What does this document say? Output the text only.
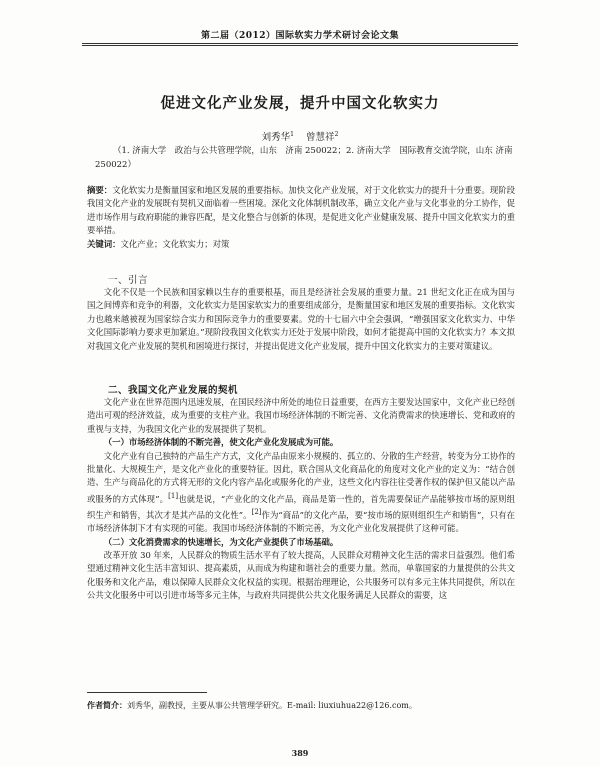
第二届（2012）国际软实力学术研讨会论文集
促进文化产业发展，提升中国文化软实力
刘秀华$^1$ 曾慧祥$^2$
（1. 济南大学　政治与公共管理学院，山东　济南 250022；2. 济南大学　国际教育交流学院，山东 济南 250022）

摘要：文化软实力是衡量国家和地区发展的重要指标。加快文化产业发展，对于文化软实力的提升十分重要。现阶段我国文化产业的发展既有契机又面临着一些困境。深化文化体制机制改革，确立文化产业与文化事业的分工协作，促进市场作用与政府职能的兼容匹配，是文化整合与创新的体现，是促进文化产业健康发展、提升中国文化软实力的重要举措。

关键词：文化产业；文化软实力；对策

一、引言

文化不仅是一个民族和国家赖以生存的重要根基，而且是经济社会发展的重要力量。21 世纪文化正在成为国与国之间博弈和竞争的利器，文化软实力是国家软实力的重要组成部分，是衡量国家和地区发展的重要指标。文化软实力也越来越被视为国家综合实力和国际竞争力的重要要素。党的十七届六中全会强调，“增强国家文化软实力、中华文化国际影响力要求更加紧迫。”现阶段我国文化软实力还处于发展中阶段，如何才能提高中国的文化软实力？本文拟对我国文化产业发展的契机和困境进行探讨，并提出促进文化产业发展，提升中国文化软实力的主要对策建议。

二、我国文化产业发展的契机

文化产业在世界范围内迅速发展，在国民经济中所处的地位日益重要，在西方主要发达国家中，文化产业已经创造出可观的经济效益，成为重要的支柱产业。我国市场经济体制的不断完善、文化消费需求的快速增长、党和政府的重视与支持，为我国文化产业的发展提供了契机。

（一）市场经济体制的不断完善，使文化产业化发展成为可能。

文化产业有自己独特的产品生产方式，文化产品由原来小规模的、孤立的、分散的生产经营，转变为分工协作的批量化、大规模生产，是文化产业化的重要特征。因此，联合国从文化商品化的角度对文化产业的定义为：“结合创造、生产与商品化的方式将无形的文化内容产品化或服务化的产业，这些文化内容往往受著作权的保护但又能以产品或服务的方式体现”。[1]也就是说，“产业化的文化产品，商品是第一性的，首先需要保证产品能够按市场的原则组织生产和销售，其次才是其产品的文化性”。[2]作为“商品”的文化产品，要“按市场的原则组织生产和销售”，只有在市场经济体制下才有实现的可能。我国市场经济体制的不断完善，为文化产业化发展提供了这种可能。

（二）文化消费需求的快速增长，为文化产业提供了市场基础。

改革开放 30 年来，人民群众的物质生活水平有了较大提高，人民群众对精神文化生活的需求日益强烈。他们希望通过精神文化生活丰富知识、提高素质，从而成为构建和谐社会的重要力量。然而，单靠国家的力量提供的公共文化服务和文化产品，难以保障人民群众文化权益的实现。根据治理理论，公共服务可以有多元主体共同提供，所以在公共文化服务中可以引进市场等多元主体，与政府共同提供公共文化服务满足人民群众的需要，这

作者简介：刘秀华，副教授，主要从事公共管理学研究。E-mail: liuxiuhua22@126.com。
389
